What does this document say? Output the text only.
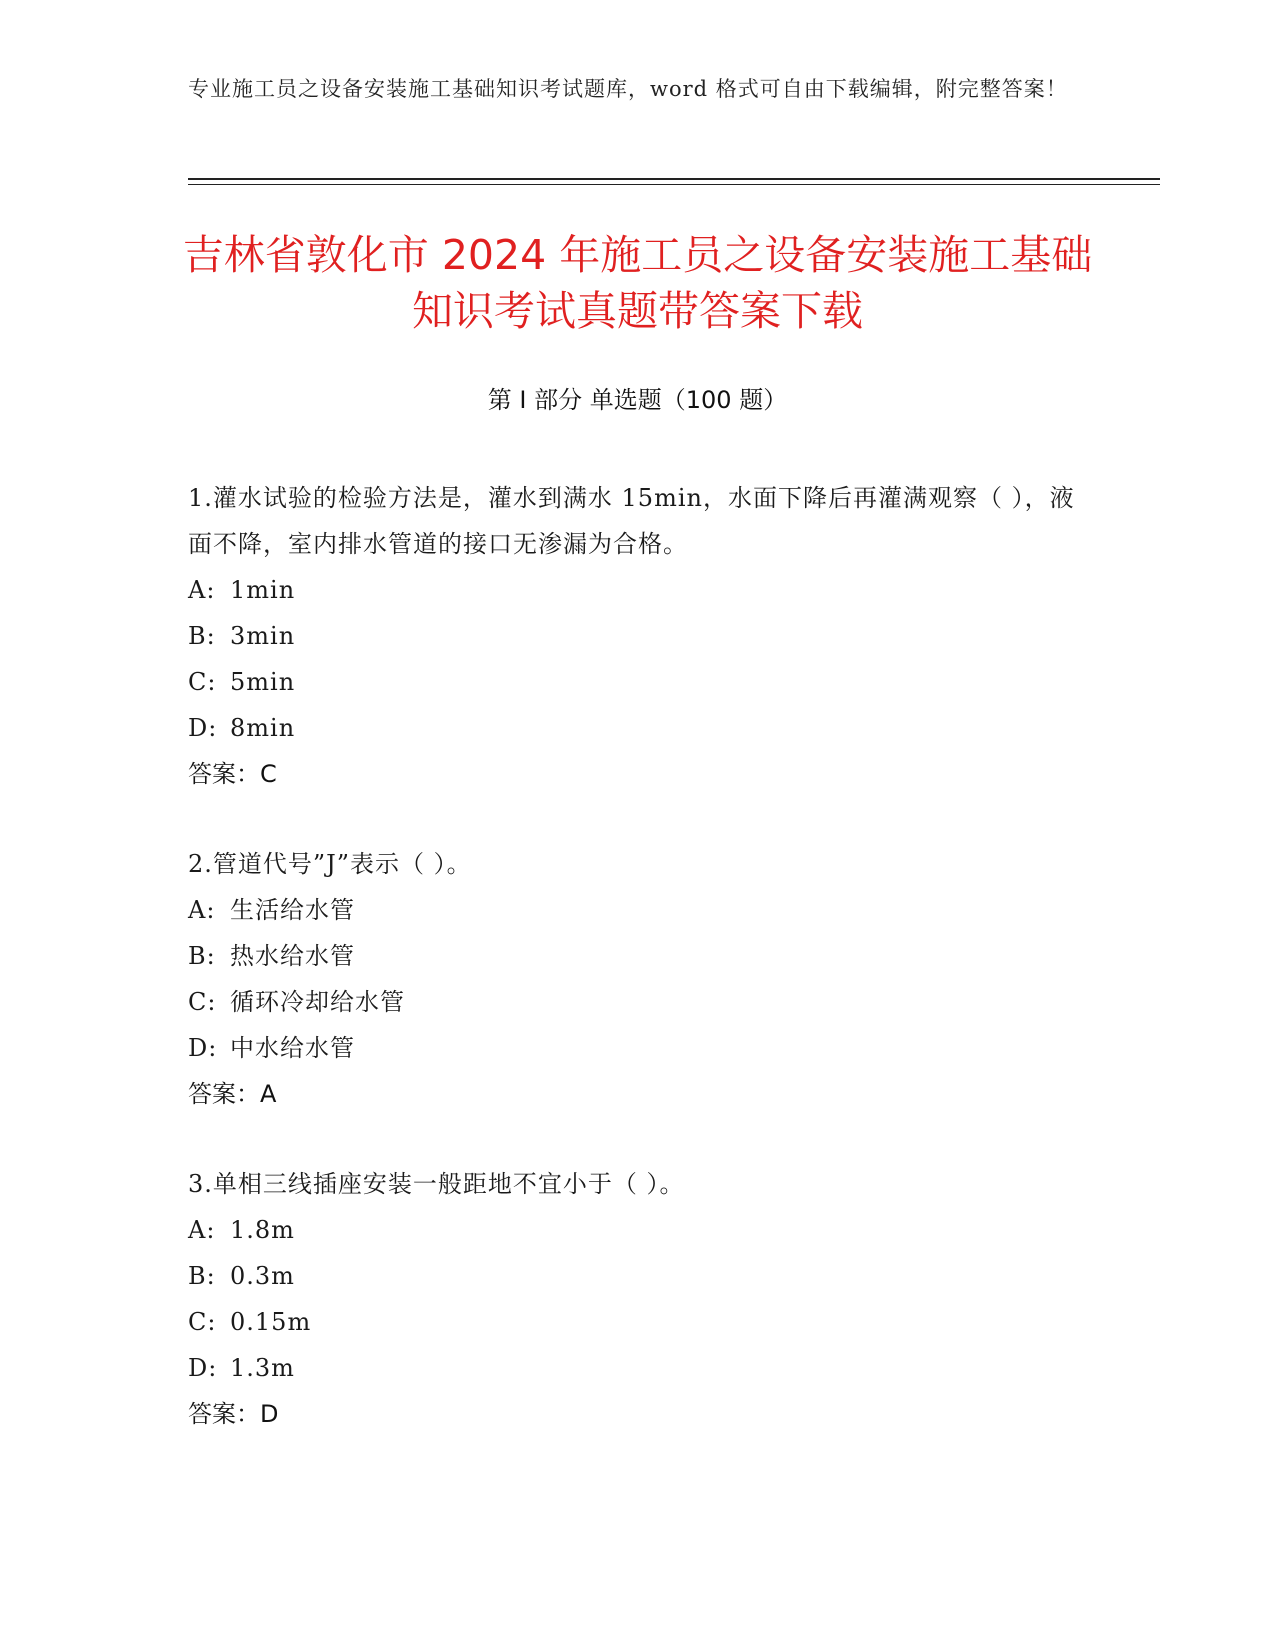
专业施工员之设备安装施工基础知识考试题库，word 格式可自由下载编辑，附完整答案！
吉林省敦化市 2024 年施工员之设备安装施工基础知识考试真题带答案下载
第 I 部分 单选题（100 题）
1.灌水试验的检验方法是，灌水到满水 15min，水面下降后再灌满观察（ ），液面不降，室内排水管道的接口无渗漏为合格。
A: 1min
B: 3min
C: 5min
D: 8min
答案：C
2.管道代号”J”表示（ ）。
A: 生活给水管
B: 热水给水管
C: 循环冷却给水管
D: 中水给水管
答案：A
3.单相三线插座安装一般距地不宜小于（ ）。
A: 1.8m
B: 0.3m
C: 0.15m
D: 1.3m
答案：D
